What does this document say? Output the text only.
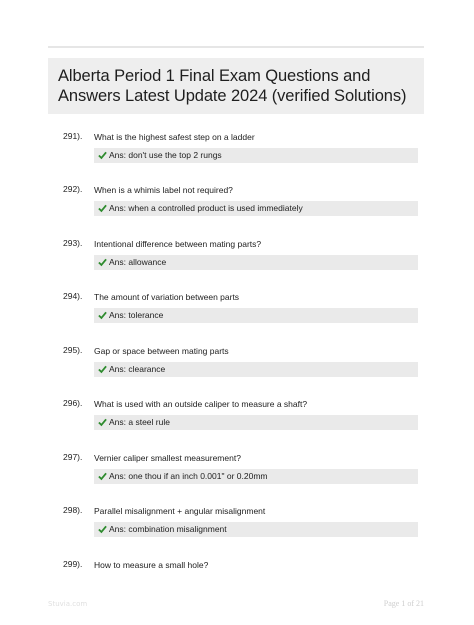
Alberta Period 1 Final Exam Questions and Answers Latest Update 2024 (verified Solutions)
291). What is the highest safest step on a ladder
Ans: don't use the top 2 rungs
292). When is a whimis label not required?
Ans: when a controlled product is used immediately
293). Intentional difference between mating parts?
Ans: allowance
294). The amount of variation between parts
Ans: tolerance
295). Gap or space between mating parts
Ans: clearance
296). What is used with an outside caliper to measure a shaft?
Ans: a steel rule
297). Vernier caliper smallest measurement?
Ans: one thou if an inch 0.001" or 0.20mm
298). Parallel misalignment + angular misalignment
Ans: combination misalignment
299). How to measure a small hole?
Stuvia.com	Page 1 of 21
